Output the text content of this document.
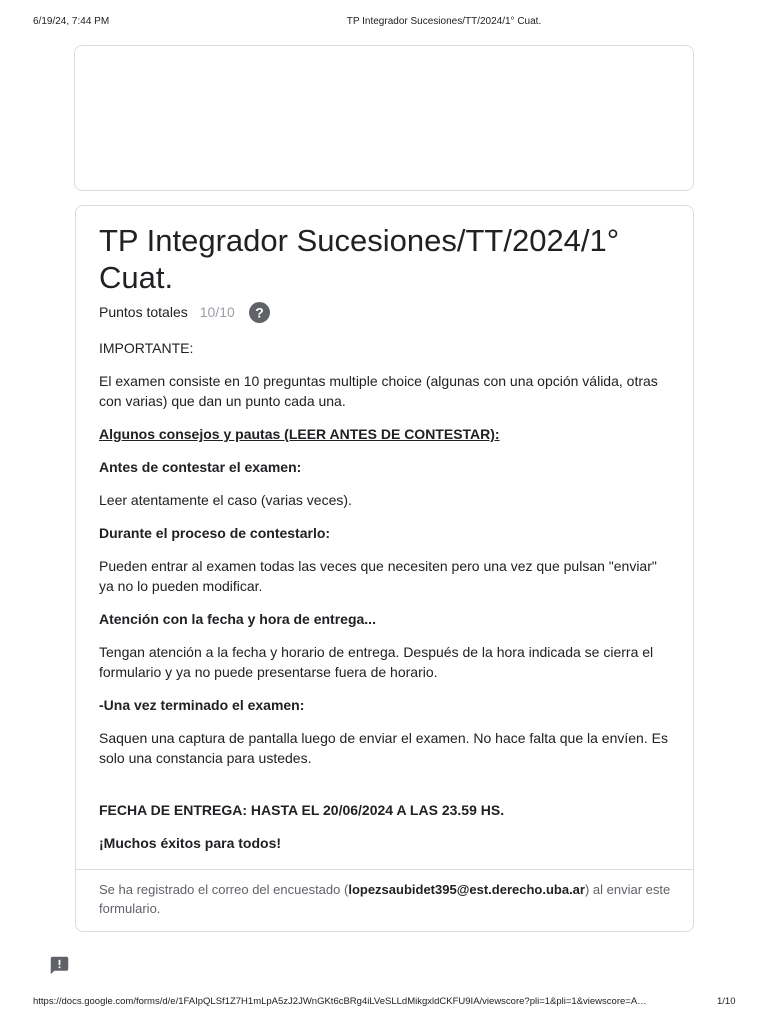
6/19/24, 7:44 PM	TP Integrador Sucesiones/TT/2024/1° Cuat.
TP Integrador Sucesiones/TT/2024/1° Cuat.
Puntos totales 10/10 ?

IMPORTANTE:

El examen consiste en 10 preguntas multiple choice (algunas con una opción válida, otras con varias) que dan un punto cada una.

Algunos consejos y pautas (LEER ANTES DE CONTESTAR):

Antes de contestar el examen:

Leer atentamente el caso (varias veces).

Durante el proceso de contestarlo:

Pueden entrar al examen todas las veces que necesiten pero una vez que pulsan "enviar" ya no lo pueden modificar.

Atención con la fecha y hora de entrega...

Tengan atención a la fecha y horario de entrega. Después de la hora indicada se cierra el formulario y ya no puede presentarse fuera de horario.

-Una vez terminado el examen:

Saquen una captura de pantalla luego de enviar el examen. No hace falta que la envíen. Es solo una constancia para ustedes.

FECHA DE ENTREGA: HASTA EL 20/06/2024 A LAS 23.59 HS.

¡Muchos éxitos para todos!

Se ha registrado el correo del encuestado (lopezsaubidet395@est.derecho.uba.ar) al enviar este formulario.
https://docs.google.com/forms/d/e/1FAIpQLSf1Z7H1mLpA5zJ2JWnGKt6cBRg4iLVeSLLdMikgxldCKFU9IA/viewscore?pli=1&pli=1&viewscore=A…	1/10
